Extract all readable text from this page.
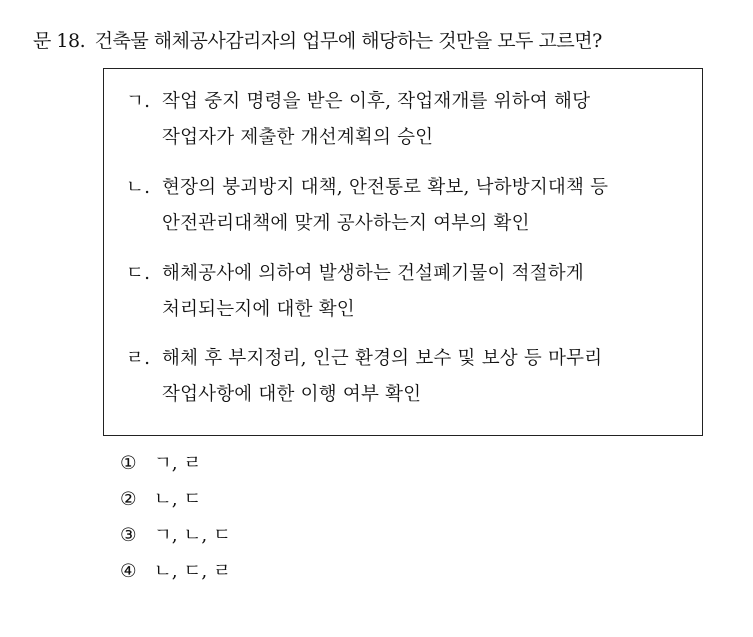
문 18. 건축물 해체공사감리자의 업무에 해당하는 것만을 모두 고르면?
ㄱ. 작업 중지 명령을 받은 이후, 작업재개를 위하여 해당
작업자가 제출한 개선계획의 승인
ㄴ. 현장의 붕괴방지 대책, 안전통로 확보, 낙하방지대책 등
안전관리대책에 맞게 공사하는지 여부의 확인
ㄷ. 해체공사에 의하여 발생하는 건설폐기물이 적절하게
처리되는지에 대한 확인
ㄹ. 해체 후 부지정리, 인근 환경의 보수 및 보상 등 마무리
작업사항에 대한 이행 여부 확인
① ㄱ, ㄹ
② ㄴ, ㄷ
③ ㄱ, ㄴ, ㄷ
④ ㄴ, ㄷ, ㄹ
